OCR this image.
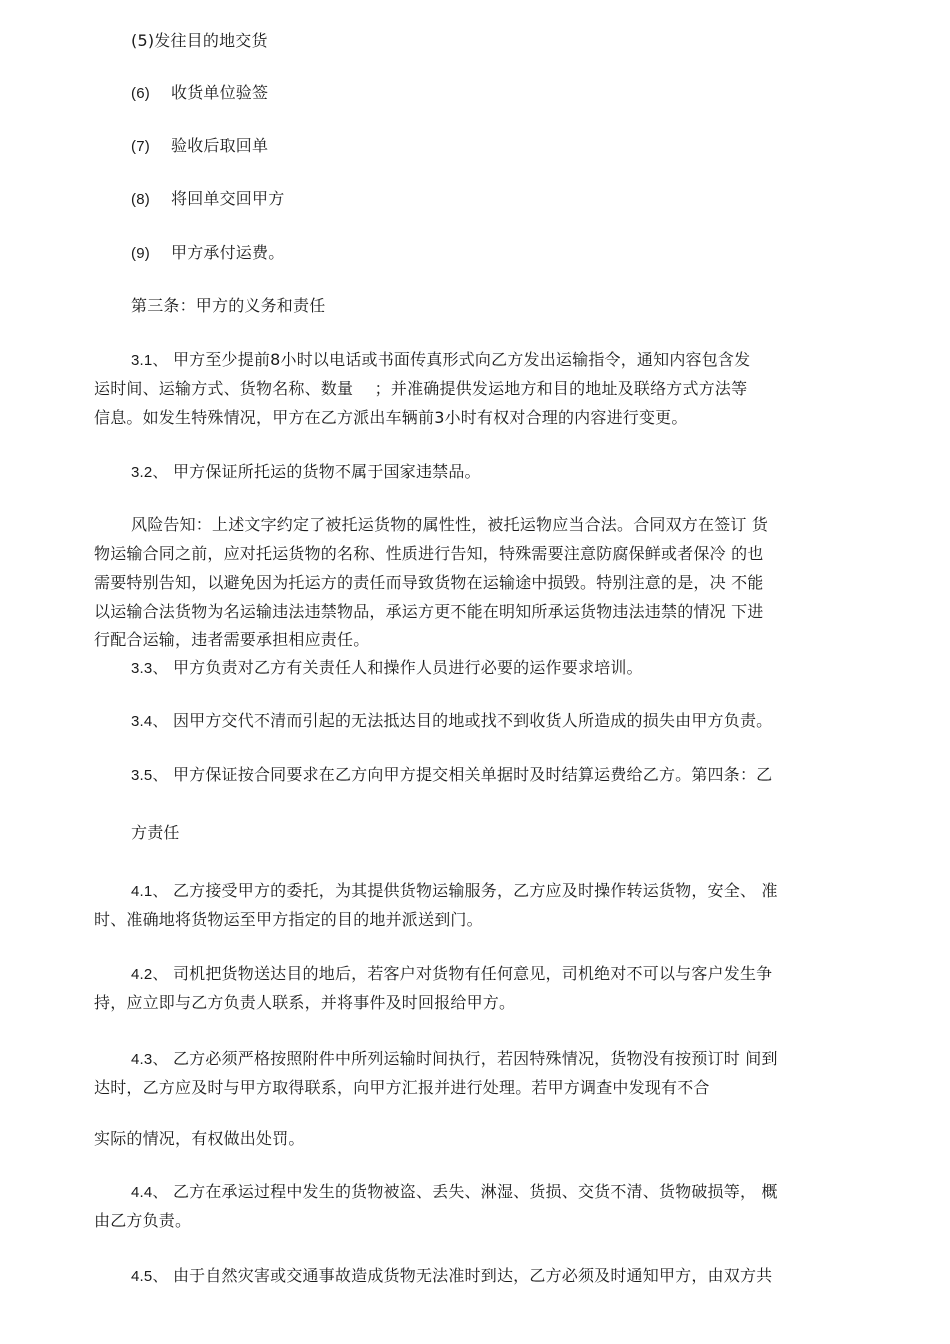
(5)发往目的地交货

(6) 收货单位验签

(7) 验收后取回单

(8) 将回单交回甲方

(9) 甲方承付运费。

第三条：甲方的义务和责任

3.1、 甲方至少提前8小时以电话或书面传真形式向乙方发出运输指令，通知内容包含发

运时间、运输方式、货物名称、数量　 ；并准确提供发运地方和目的地址及联络方式方法等

信息。如发生特殊情况，甲方在乙方派出车辆前3小时有权对合理的内容进行变更。

3.2、 甲方保证所托运的货物不属于国家违禁品。

风险告知：上述文字约定了被托运货物的属性性，被托运物应当合法。合同双方在签订 货

物运输合同之前，应对托运货物的名称、性质进行告知，特殊需要注意防腐保鲜或者保冷 的也

需要特别告知，以避免因为托运方的责任而导致货物在运输途中损毁。特别注意的是，决 不能

以运输合法货物为名运输违法违禁物品，承运方更不能在明知所承运货物违法违禁的情况 下进

行配合运输，违者需要承担相应责任。

3.3、 甲方负责对乙方有关责任人和操作人员进行必要的运作要求培训。

3.4、 因甲方交代不清而引起的无法抵达目的地或找不到收货人所造成的损失由甲方负责。

3.5、 甲方保证按合同要求在乙方向甲方提交相关单据时及时结算运费给乙方。第四条：乙

方责任

4.1、 乙方接受甲方的委托，为其提供货物运输服务，乙方应及时操作转运货物，安全、 准

时、准确地将货物运至甲方指定的目的地并派送到门。

4.2、 司机把货物送达目的地后，若客户对货物有任何意见，司机绝对不可以与客户发生争

持，应立即与乙方负责人联系，并将事件及时回报给甲方。

4.3、 乙方必须严格按照附件中所列运输时间执行，若因特殊情况，货物没有按预订时 间到

达时，乙方应及时与甲方取得联系，向甲方汇报并进行处理。若甲方调查中发现有不合

实际的情况，有权做出处罚。

4.4、 乙方在承运过程中发生的货物被盗、丢失、淋湿、货损、交货不清、货物破损等， 概

由乙方负责。

4.5、 由于自然灾害或交通事故造成货物无法准时到达，乙方必须及时通知甲方，由双方共
